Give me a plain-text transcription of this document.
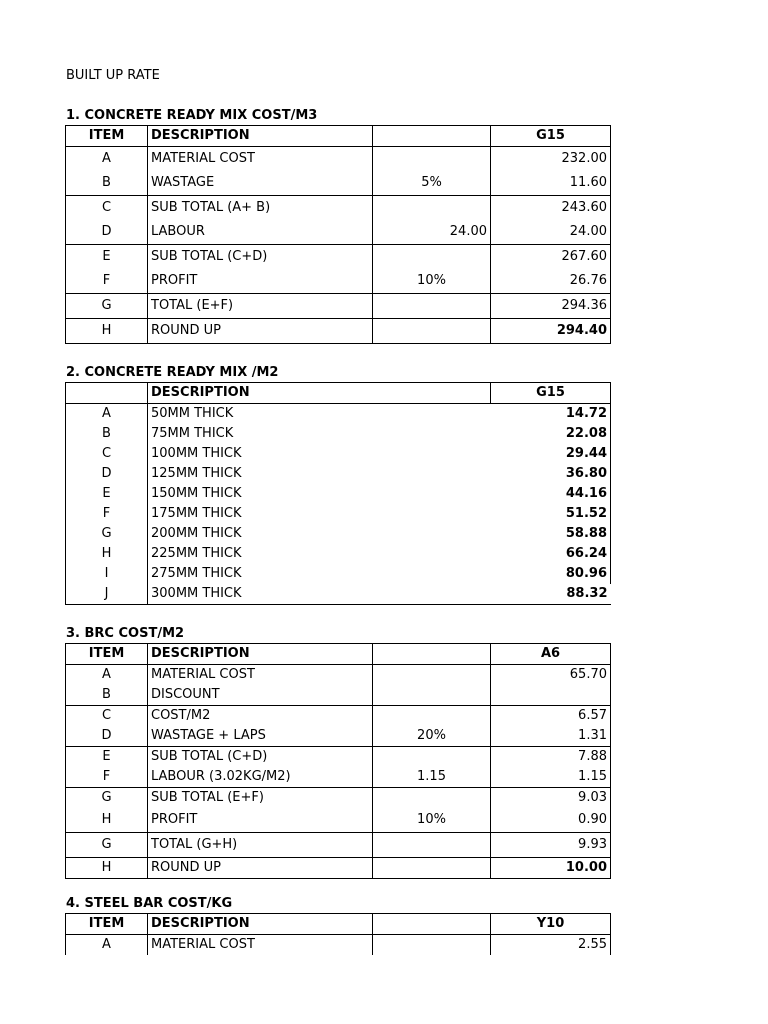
BUILT UP RATE
1. CONCRETE READY MIX COST/M3
ITEM	DESCRIPTION		G15
A	MATERIAL COST		232.00
B	WASTAGE	5%	11.60
C	SUB TOTAL (A+ B)		243.60
D	LABOUR	24.00	24.00
E	SUB TOTAL (C+D)		267.60
F	PROFIT	10%	26.76
G	TOTAL (E+F)		294.36
H	ROUND UP		294.40
2. CONCRETE READY MIX /M2
	DESCRIPTION	G15
A	50MM THICK	14.72
B	75MM THICK	22.08
C	100MM THICK	29.44
D	125MM THICK	36.80
E	150MM THICK	44.16
F	175MM THICK	51.52
G	200MM THICK	58.88
H	225MM THICK	66.24
I	275MM THICK	80.96
J	300MM THICK	88.32
3. BRC COST/M2
ITEM	DESCRIPTION		A6
A	MATERIAL COST		65.70
B	DISCOUNT		
C	COST/M2		6.57
D	WASTAGE + LAPS	20%	1.31
E	SUB TOTAL (C+D)		7.88
F	LABOUR (3.02KG/M2)	1.15	1.15
G	SUB TOTAL (E+F)		9.03
H	PROFIT	10%	0.90
G	TOTAL (G+H)		9.93
H	ROUND UP		10.00
4. STEEL BAR COST/KG
ITEM	DESCRIPTION		Y10
A	MATERIAL COST		2.55
